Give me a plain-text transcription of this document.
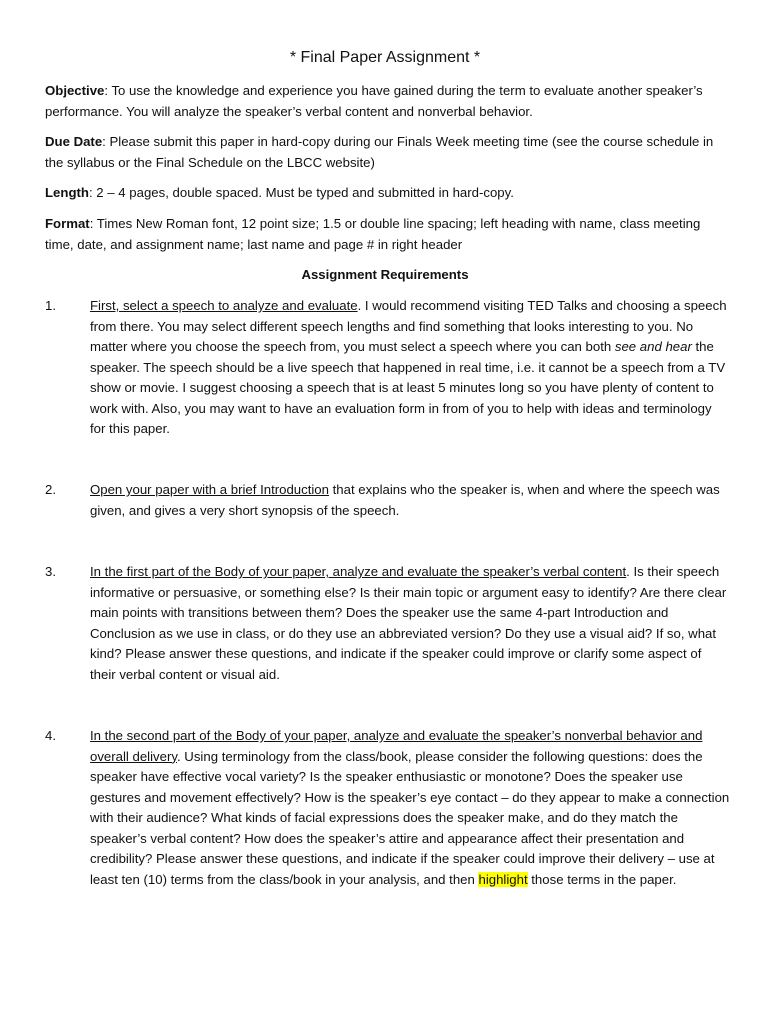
* Final Paper Assignment *
Objective: To use the knowledge and experience you have gained during the term to evaluate another speaker’s performance. You will analyze the speaker’s verbal content and nonverbal behavior.
Due Date: Please submit this paper in hard-copy during our Finals Week meeting time (see the course schedule in the syllabus or the Final Schedule on the LBCC website)
Length: 2 – 4 pages, double spaced. Must be typed and submitted in hard-copy.
Format: Times New Roman font, 12 point size; 1.5 or double line spacing; left heading with name, class meeting time, date, and assignment name; last name and page # in right header
Assignment Requirements
1.	First, select a speech to analyze and evaluate. I would recommend visiting TED Talks and choosing a speech from there. You may select different speech lengths and find something that looks interesting to you. No matter where you choose the speech from, you must select a speech where you can both see and hear the speaker. The speech should be a live speech that happened in real time, i.e. it cannot be a speech from a TV show or movie. I suggest choosing a speech that is at least 5 minutes long so you have plenty of content to work with. Also, you may want to have an evaluation form in from of you to help with ideas and terminology for this paper.
2.	Open your paper with a brief Introduction that explains who the speaker is, when and where the speech was given, and gives a very short synopsis of the speech.
3.	In the first part of the Body of your paper, analyze and evaluate the speaker’s verbal content. Is their speech informative or persuasive, or something else? Is their main topic or argument easy to identify? Are there clear main points with transitions between them? Does the speaker use the same 4-part Introduction and Conclusion as we use in class, or do they use an abbreviated version? Do they use a visual aid? If so, what kind? Please answer these questions, and indicate if the speaker could improve or clarify some aspect of their verbal content or visual aid.
4.	In the second part of the Body of your paper, analyze and evaluate the speaker’s nonverbal behavior and overall delivery. Using terminology from the class/book, please consider the following questions: does the speaker have effective vocal variety? Is the speaker enthusiastic or monotone? Does the speaker use gestures and movement effectively? How is the speaker’s eye contact – do they appear to make a connection with their audience? What kinds of facial expressions does the speaker make, and do they match the speaker’s verbal content? How does the speaker’s attire and appearance affect their presentation and credibility? Please answer these questions, and indicate if the speaker could improve their delivery – use at least ten (10) terms from the class/book in your analysis, and then highlight those terms in the paper.
